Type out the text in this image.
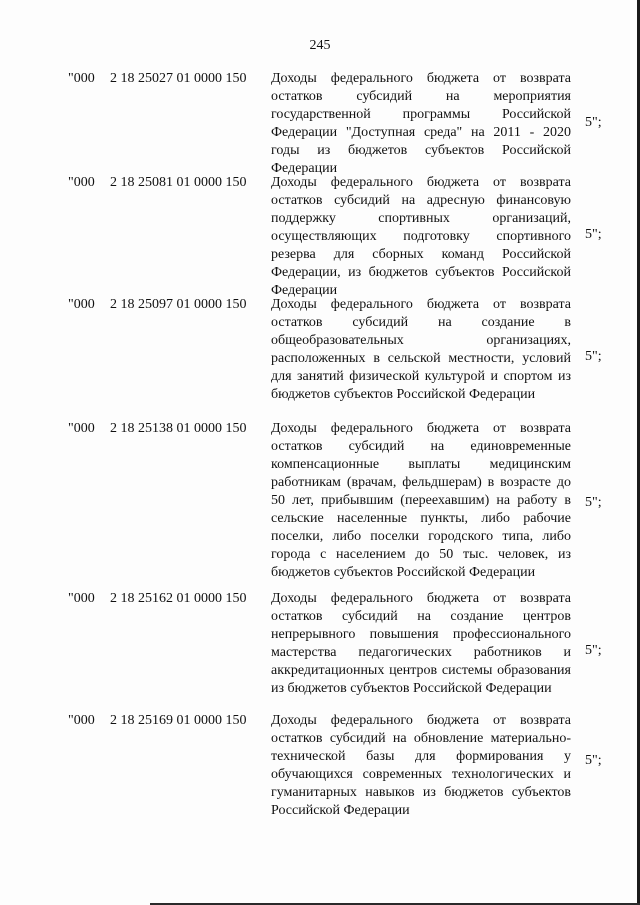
245
"000 2 18 25027 01 0000 150 Доходы федерального бюджета от возврата остатков субсидий на мероприятия государственной программы Российской Федерации "Доступная среда" на 2011 - 2020 годы из бюджетов субъектов Российской Федерации
5";
"000 2 18 25081 01 0000 150 Доходы федерального бюджета от возврата остатков субсидий на адресную финансовую поддержку спортивных организаций, осуществляющих подготовку спортивного резерва для сборных команд Российской Федерации, из бюджетов субъектов Российской Федерации
5";
"000 2 18 25097 01 0000 150 Доходы федерального бюджета от возврата остатков субсидий на создание в общеобразовательных организациях, расположенных в сельской местности, условий для занятий физической культурой и спортом из бюджетов субъектов Российской Федерации
5";
"000 2 18 25138 01 0000 150 Доходы федерального бюджета от возврата остатков субсидий на единовременные компенсационные выплаты медицинским работникам (врачам, фельдшерам) в возрасте до 50 лет, прибывшим (переехавшим) на работу в сельские населенные пункты, либо рабочие поселки, либо поселки городского типа, либо города с населением до 50 тыс. человек, из бюджетов субъектов Российской Федерации
5";
"000 2 18 25162 01 0000 150 Доходы федерального бюджета от возврата остатков субсидий на создание центров непрерывного повышения профессионального мастерства педагогических работников и аккредитационных центров системы образования из бюджетов субъектов Российской Федерации
5";
"000 2 18 25169 01 0000 150 Доходы федерального бюджета от возврата остатков субсидий на обновление материально-технической базы для формирования у обучающихся современных технологических и гуманитарных навыков из бюджетов субъектов Российской Федерации
5";
